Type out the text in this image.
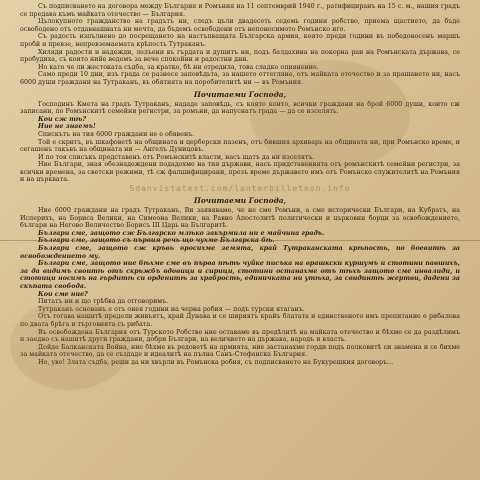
Съ подписването на договора между България и Ромъния на 11 септемврий 1940 г., ратифициранъ на 15 с. м., нашия градъ се предава къмъ майката отечество — България.

Цълокупното гражданство на градътъ ни, следъ цъли двадесеть седемь години робство, приема щастието, да бъде освободено отъ отдавнашната ни мечта, да бъдемъ освободени отъ непоносимото Ромънско иго.

Съ радость изпълнено до посрещането на настъпващата Българска армия, която преди години въ победоносенъ маршъ пробй и превзе, непревземаемата крѣпость Тутраканъ.

Хиляди радости и надежди, лелъени въ гърдата и душитъ ни, подъ балдахина на покорна раи на Ромънската държава, се пробудиха, съ които нийе ведемъ за вече спокойни и радостни дни.

Но като че ли жестоката съдба, за кратко, бѣ ни отредила, това сладко опиянение.

Само преди 10 дни, изъ града се разнесе заповѣдьта, за нашето оттегляне, отъ майката отечество и за прашането ни, насъ 6000 души граждани на Тутраканъ, въ обятията на поробителитѣ ни — въ Ромъния.

Почитаеми Господа,

Господинъ Кмета на градъ Тутраканъ, нададе заповѣдь, съ която които, всички граждани на брой 6000 души, които сж записани, по Ромънскитѣ семейни регистри, за ромъни, да напуснатъ града — да се изселять.

Кои сж тѣ?

Ние не знаемъ!

Спискътъ на тия 6000 граждани не е обявенъ.

Той е скритъ, въ шкафоветѣ на общината и церберски пазенъ, отъ бившия архиварь на общината ни, при Ромънско време, и сегашенъ такъвъ на общината ни — Ангелъ Дуницовъ.

И по тоя списъкъ представенъ отъ Ромънскитѣ власти, насъ щатъ да ни изселятъ.

Ние Българи, зная обезнадеждени подадохме на тия държави, насъ придставенията отъ ромънскитѣ семейни регистри, за всички времена, за светски режими, тѣ сж фалшифицирани, презъ време държавето имъ отъ Ромънско служителитѣ на Ромъния и на църквата.

Sdanvistatest.com/lanterbilleteon.info
Почитаеми Господа,

Ние 6000 граждани на градъ Тутраканъ, Ви заявяваме, че не сме Ромъни, а сме исторически Българи, на Кубратъ, на Исперихъ, на Бориса Велики, на Симеона Велики, на Равно Апостолитѣ политически и църковни борци за освобождението, българи на Негово Величество Борисъ III Царь на Българитѣ.

Българи сме, защото сж Българско млѣко закърмила ни е майчина градь.

Българи сме, защото съ първия речь що чухме Българска бѣ.

Българи сме, защото сж кръвь оросихме земята, край Тутраканската крѣпость, по боевитѣ за освобождението му.

Българи сме, защото ние бѣхме сме въ първа пѣть чуйке писъка на врашкски куршумъ и стотини павшихъ, за да видимъ своитѣ отъ скрьжбъ вдовици и сирици, стотини останахме отъ тѣхъ защото сме инвалиди, и стотици носимъ на гърдитѣ си орденитѣ за храбрость, единичката ни утѣха, за свидинтѣ жертви, дадени за скъпата свобода.

Кои сме ние?

Питатъ ни и що трѣбва да отговоримъ.

Тутраканъ основанъ е отъ онея години на черна робия — подъ турски ятаганъ.

Отъ тогава нашитѣ предели живъятъ, край Дунава и се шириятъ крайъ блатата и единственото имъ препитание е рибалова по двата брѣга и търговията съ рибата.

Въ освобождена България отъ Турското Робство ние оставаме въ предѣлитѣ на майката отечество и бѣхме се да раздѣлимъ и заедно съ нашитѣ други граждани, добри Българи, на величието на държава, народъ и власть.

Дойде Балканската Война, ние бѣхме въ редоветѣ на армията, ние застанахме горди подъ полковитѣ си знамена и се бихме за майката отечество, да се създаде и идеалитѣ на пълна Санъ-Стефанска България.

Но, уво! Злата съдба, реши да ни хвърли въ Ромънска робия, съ подписването на Букурешкия договоръ...
